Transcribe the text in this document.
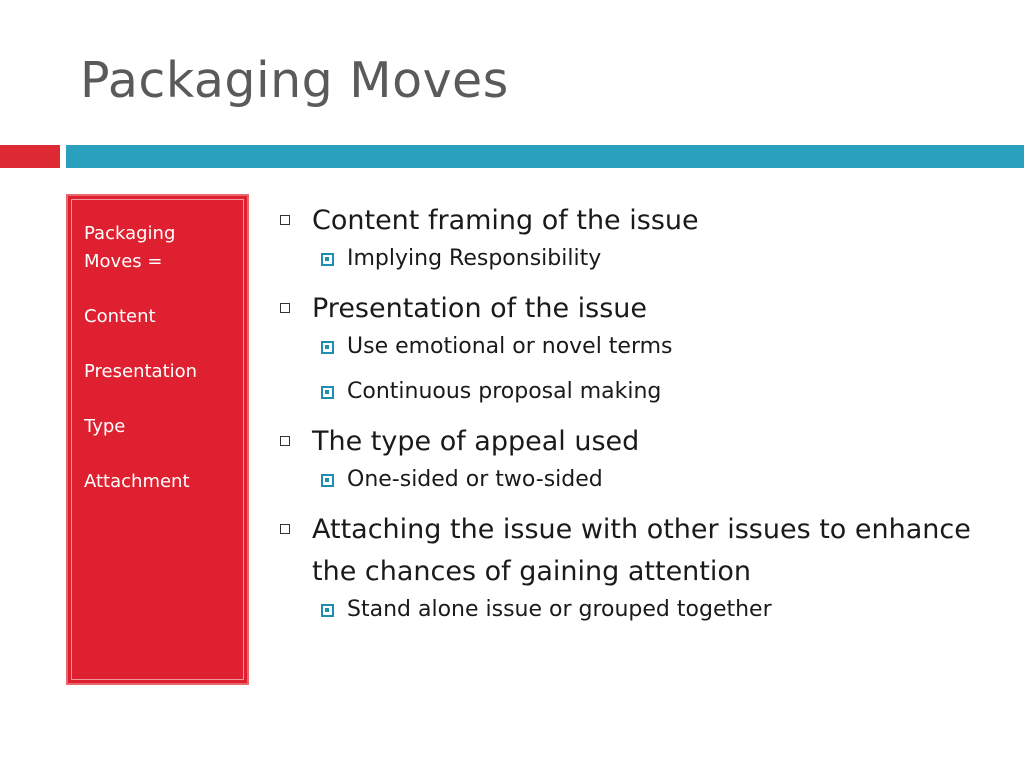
Packaging Moves
Packaging Moves =
Content
Presentation
Type
Attachment
Content framing of the issue
Implying Responsibility
Presentation of the issue
Use emotional or novel terms
Continuous proposal making
The type of appeal used
One-sided or two-sided
Attaching the issue with other issues to enhance the chances of gaining attention
Stand alone issue or grouped together
